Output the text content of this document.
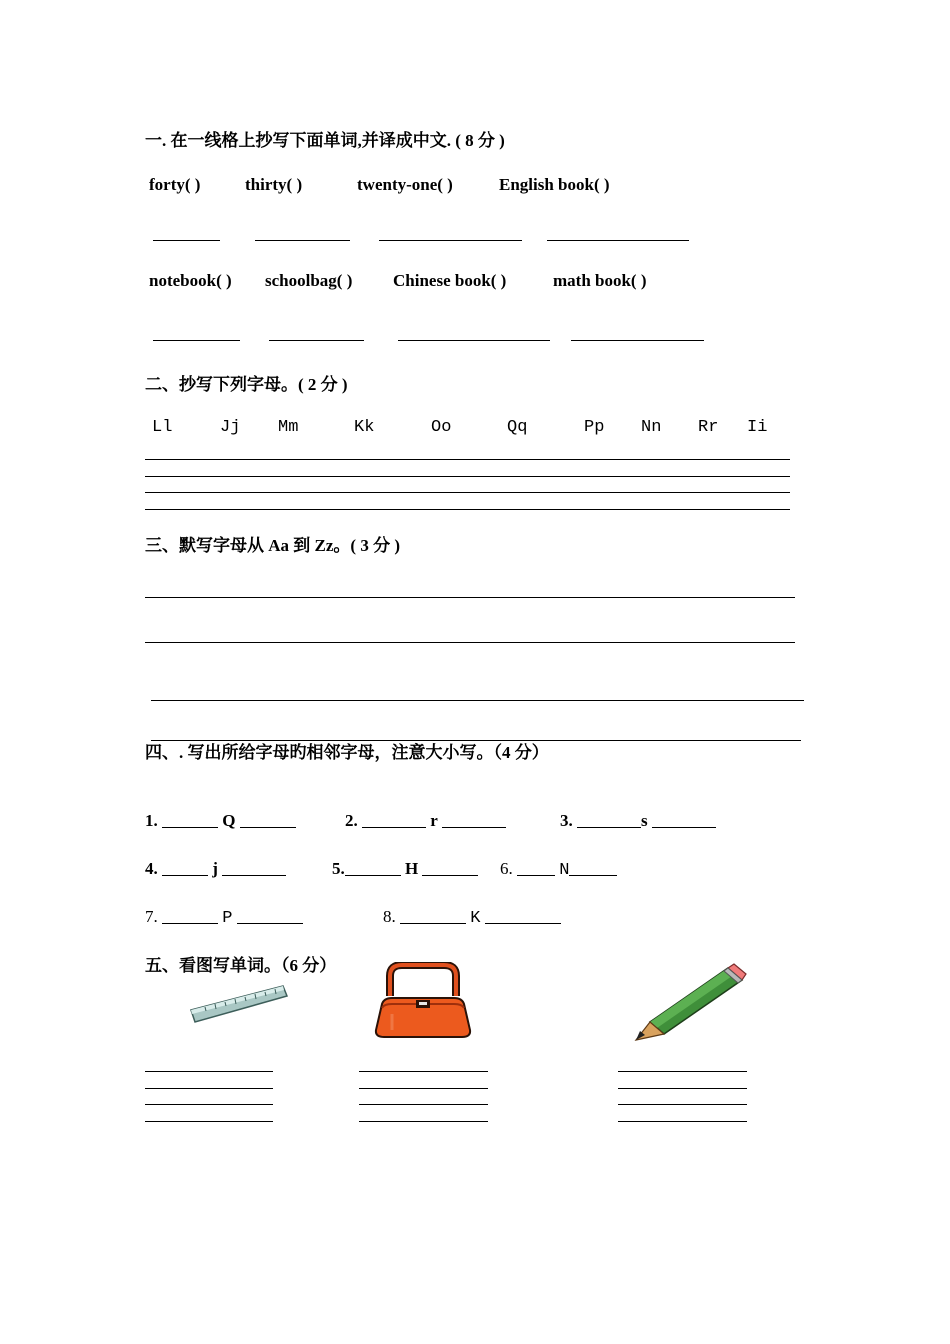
一. 在一线格上抄写下面单词,并译成中文. ( 8 分 )
forty( )	thirty( )	twenty-one( )	English book( )
notebook( ) schoolbag( ) Chinese book( )	math book( )
二、抄写下列字母。( 2 分 )
Ll	Jj Mm	Kk	Oo	Qq	Pp Nn Rr Ii
三、默写字母从 Aa 到 Zz。( 3 分 )
四、. 写出所给字母旳相邻字母，注意大小写。（4 分）
1.	Q	2.	r	3.	s
4.	j	5.	H	6.	N
7.	P	8.	K
五、看图写单词。（6 分）
